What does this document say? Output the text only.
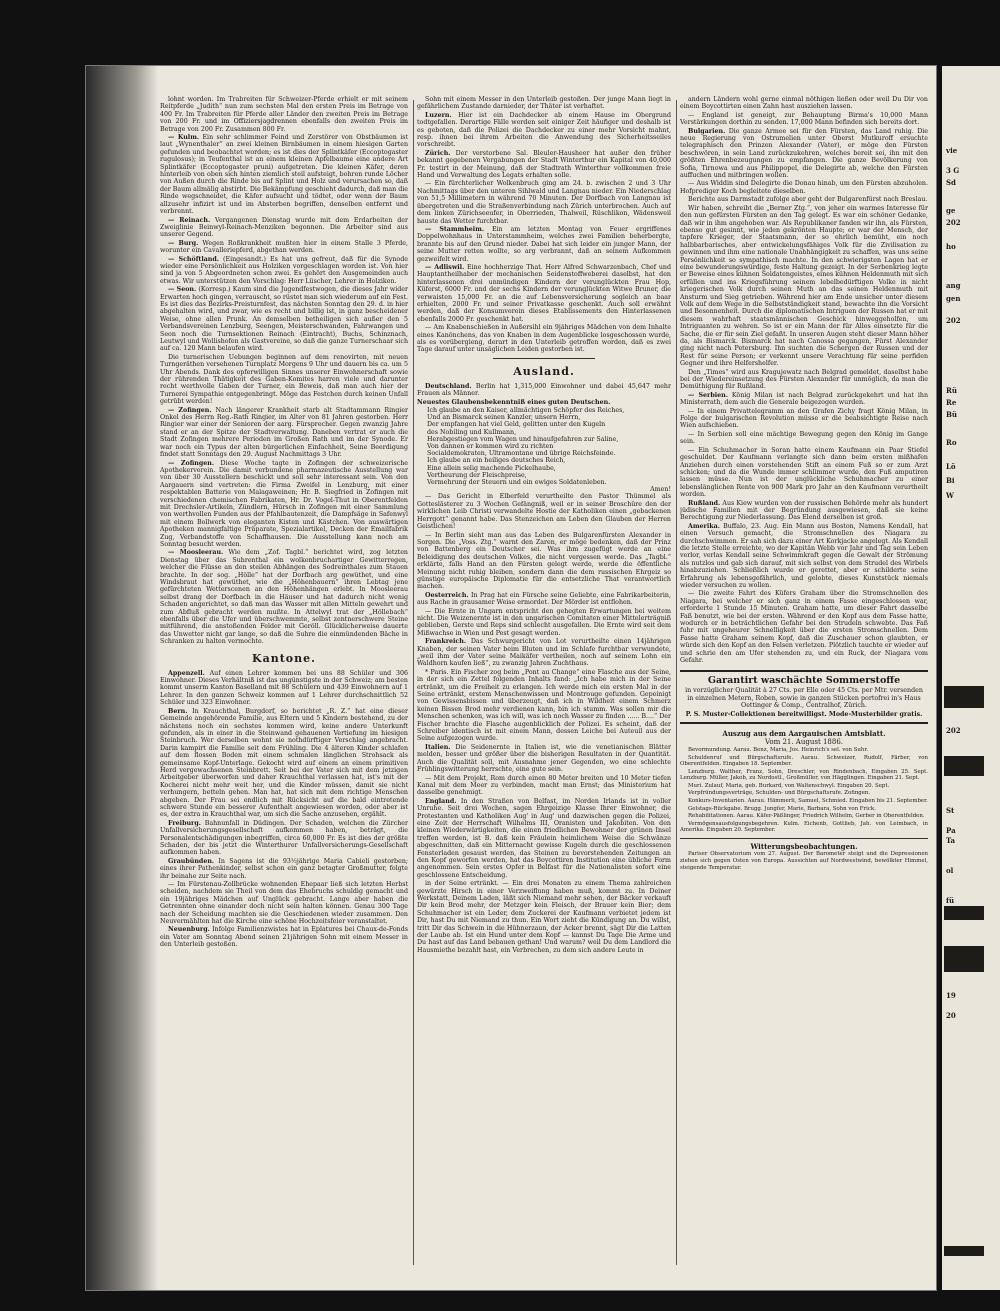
lohnt worden. Im Trabreiten für Schweizer-Pferde erhielt er mit seinem Reitpferde „Judith“ nun zum sechsten Mal den ersten Preis im Betrage von 400 Fr. Im Trabreiten für Pferde aller Länder den zweiten Preis im Betrage von 200 Fr. und im Offiziersjagdrennen ebenfalls den zweiten Preis im Betrage von 200 Fr. Zusammen 800 Fr.

— Kulm. Ein sehr schlimmer Feind und Zerstörer von Obstbäumen ist laut „Wynenthaler“ an zwei kleinen Birnbäumen in einem hiesigen Garten gefunden und beobachtet worden; es ist dies der Splintkäfer (Eccoptogaster rugulosus); in Teufenthal ist an einem kleinen Apfelbaume eine andere Art Splintkäfer (Eccoptogaster pruni) aufgetreten. Die kleinen Käfer, deren hinterleib von oben sich hinten ziemlich steil aufsteigt, bohren runde Löcher von Außen durch die Rinde bis auf Splint und Holz und verursachen so, daß der Baum allmälig abstirbt. Die Bekämpfung geschieht dadurch, daß man die Rinde wegschneidet, die Käfer aufsucht und tödtet, oder wenn der Baum allzusehr infizirt ist und im Absterben begriffen, denselben entfernt und verbrennt.

— Reinach. Vergangenen Dienstag wurde mit dem Erdarbeiten der Zweiglinie Beinwyl-Reinach-Menziken begonnen. Die Arbeiter sind aus unserer Gegend.

— Burg. Wegen Roßkrankheit mußten hier in einem Stalle 3 Pferde, worunter ein Cavalleriepferd, abgethan werden.

— Schöftland. (Eingesandt.) Es hat uns gefreut, daß für die Synode wieder eine Persönlichkeit aus Holziken vorgeschlagen worden ist. Von hier sind ja von 5 Abgeordneten schon zwei. Es gehört den Ausgemeinden auch etwas. Wir unterstützen den Vorschlag: Herr Lüscher, Lehrer in Holziken.

— Seon. (Korresp.) Kaum sind die Jugendfestwogen, die dieses Jahr wider Erwarten hoch gingen, verrauscht, so rüstet man sich wiederum auf ein Fest. Es ist dies das Bezirks-Preisturnfest, das nächsten Sonntag den 29. d. in hier abgehalten wird, und zwar, wie es recht und billig ist, in ganz bescheidener Weise, ohne allen Prunk. An demselben betheiligen sich außer den 5 Verbandsvereinen Lenzburg, Seengen, Meisterschwanden, Fahrwangen und Seon noch die Turnsektionen Reinach (Eintracht), Buchs, Schinznach, Leutwyl und Wollishofen als Gastvereine, so daß die ganze Turnerschaar sich auf ca. 120 Mann belaufen wird.

Die turnerischen Uebungen beginnen auf dem renovirten, mit neuen Turngeräthen versehenen Turnplatz Morgens 9 Uhr und dauern bis ca. um 5 Uhr Abends. Dank des opferwilligen Sinnes unserer Einwohnerschaft sowie der rührenden Thätigkeit des Gaben-Komites harren viele und darunter recht werthvolle Gaben der Turner, ein Beweis, daß man auch hier der Turnerei Sympathie entgegenbringt. Möge das Festchen durch keinen Unfall getrübt werden!

— Zofingen. Nach längerer Krankheit starb alt Stadtammann Ringier Onkel des Herrn Reg.-Rath Ringier, im Alter von 81 Jahren gestorben. Herr Ringier war einer der Senioren der aarg. Fürsprecher. Gegen zwanzig Jahre stand er an der Spitze der Stadtverwaltung. Daneben vertrat er auch die Stadt Zofingen mehrere Perioden im Großen Rath und im der Synode. Er war noch ein Typus der alten bürgerlichen Einfachheit, Seine Beerdigung findet statt Sonntags den 29. August Nachmittags 3 Uhr.

— Zofingen. Diese Woche tagte in Zofingen der schweizerische Apothekerverein. Die damit verbundene pharmazeutische Ausstellung war von über 30 Ausstellern beschickt und soll sehr interessant sein. Von den Aargauern sind vertreten: die Firma Zweifel in Lenzburg, mit einer respektablen Batterie von Malagaweinen; Hr. B. Siegfried in Zofingen mit verschiedenen chemischen Fabrikaten, Hr. Dr. Vogel-Thut in Oberentfelden mit Drechsler-Artikeln, Zündlern, Hürsch in Zofingen mit einer Sammlung von werthvollen Funden aus der Pfahlbautenzeit, die Dampfsäge in Safenwyl mit einem Bollwerk von eleganten Kisten und Kästchen. Von auswärtigen Apotheken mannigfaltige Präparate, Spezialartikel, Decken der Emailfabrik Zug, Verbandstoffe von Schaffhausen. Die Ausstellung kann noch am Sonntag besucht werden.

— Moosleerau. Wie dem „Zof. Tagbl.“ berichtet wird, zog letzten Dienstag über das Suhrenthal ein wolkenbruchartiger Gewitterregen, welcher die Flüsse an den steilen Abhängen des Sodreinthales zum Stauen brachte. In der sog. „Hölle“ hat der Dorfbach arg gewüthet, und eine Windsbraut hat gewüthet, wie die „Höhenbauern“ ihren Lebtag jene gefürchteten Wetterscenen an den Höhenhängen erlebt. In Moosleerau selbst drang der Dorfbach in die Häuser und hat dadurch nicht wenig Schaden angerichtet, so daß man das Wasser mit allen Mitteln gewehrt und zum Abfluß gebracht werden mußte. In Attelwyl trat der „Höllebach“ ebenfalls über die Ufer und überschwemmte, selbst zentnerschwere Steine mitführend, die anstoßenden Felder mit Geröll. Glücklicherweise dauerte das Unwetter nicht gar lange, so daß die Suhre die einmündenden Bäche in Schranken zu halten vermochte.

Kantone.

Appenzell. Auf einen Lehrer kommen bei uns 88 Schüler und 306 Einwohner. Dieses Verhältniß ist das ungünstigste in der Schweiz; am besten kommt unserm Kanton Baselland mit 88 Schülern und 439 Einwohnern auf 1 Lehrer. In den ganzen Schweiz kommen auf 1 Lehrer durchschnittlich 52 Schüler und 323 Einwohner.

Bern. In Krauchthal, Burgdorf, so berichtet „R. Z.“ hat eine dieser Gemeinde angehörende Familie, aus Eltern und 5 Kindern bestehend, zu der nächstens noch ein sechstes kommen wird, keine andere Unterkunft gefunden, als in einer in die Steinwand gehauenen Vertiefung im hiesigen Steinbruch. Wer derselben wohnt sie nothdürftiger Verschlag angebracht. Darin kampirt die Familie seit dem Frühling. Die 4 älteren Kinder schlafen auf dem flossen Boden mit einem schmalen länglichen Strohsack als gemeinsame Kopf-Unterlage. Gekocht wird auf einem an einem primitiven Herd vergewachsenen Steinbrett. Seit bei der Vater sich mit dem jetzigen Arbeitgeber überworfen und daher Krauchthal verlassen hat, ist's mit der Kocherei nicht mehr weit her, und die Kinder müssen, damit sie nicht verhungern, betteln gehen. Man hat, hat sich mit dem richtige Menschen abgeben. Der Frau sei endlich mit Rücksicht auf die bald eintretende schwere Stunde ein besserer Aufenthalt angewiesen worden, oder aber ist es, der extra in Krauchthal war, um sich die Sache anzusehen, ergählt.

Freiburg. Bahnunfall in Düdingen. Der Schaden, welchen die Zürcher Unfallversicherungsgesellschaft aufkommen haben, beträgt, die Personalentschädigungen inbegriffen, circa 60,000 Fr. Es ist dies der größte Schaden, der bis jetzt die Winterthurer Unfallversicherungs-Gesellschaft aufkommen haben.

Graubünden. In Sagens ist die 93½jährige Maria Cabieli gestorben; eines ihrer Pathenkinder, selbst schon ein ganz betagter Großmutter, folgte ihr beinahe zur Seite nach.

— Im Fürstenau-Zollbrücke wohnenden Ehepaar ließ sich letzten Herbst scheiden, nachdem sie Theil von dem das Ehebruchs schuldig gemacht und ein 19jähriges Mädchen auf Unglück gebracht. Lange aber haben die Getrennten ohne einander doch nicht sein halten können. Genau 300 Tage nach der Scheidung machten sie die Geschiedenen wieder zusammen. Den Neuvermählten hat die Kirche eine schöne Hochzeitsfeier veranstaltet.

Neuenburg. Infolge Familienzwistes hat in Eplatures bei Chaux-de-Fonds ein Vater am Sonntag Abend seinen 21jährigen Sohn mit einem Messer in den Unterleib gestoßen.

Sohn mit einem Messer in den Unterleib gestoßen. Der junge Mann liegt in gefährlichem Zustande darnieder, der Thäter ist verhaftet.

Luzern. Hier ist ein Dachdecker ab einem Hause im Obergrund todtgefallen. Derartige Fälle werden seit einiger Zeit häufiger und deshalb ist es geboten, daß die Polizei die Dachdecker zu einer mehr Vorsicht mahnt, resp. ihnen bei ihrem Arbeiten die Anwendung des Sicherheitsseiles vorschreibt.

Zürich. Der verstorbene Sal. Bleuler-Hausheer hat außer den früher bekannt gegebenen Vergabungen der Stadt Winterthur ein Kapital von 40,000 Fr. testirt in der Meinung, daß der Stadtrath Winterthur vollkommen freie Hand und Verwaltung des Legats erhalten solle.

— Ein fürchterlicher Wolkenbruch ging am 24. b. zwischen 2 und 3 Uhr Nachmittags über den unteren Sihlwald und Langnau nieder. Ein Niederschlag von 51,5 Millimetern in während 70 Minuten. Der Dorfbach von Langnau ist übergetreten und die Straßenverbindung nach Zürich unterbrochen. Auch auf dem linken Zürichseeufer, in Oberrieden, Thalweil, Rüschlikon, Wädensweil hauste das Wetter furchtbar.

— Stammheim. Ein am letzten Montag von Feuer ergriffenes Doppelwohnhaus in Unterstammheim, welches zwei Familien beherbergte, brannte bis auf den Grund nieder. Dabei hat sich leider ein junger Mann, der seine Mutter retten wollte, so arg verbrannt, daß an seinem Aufkommen gezweifelt wird.

— Adliswil. Eine hochherzige That. Herr Alfred Schwarzenbach, Chef und Hauptantheilhaber der mechanischen Seidenstoffweberei daselbst, hat den hinterlassenen drei unmündigen Kindern der verunglückten Frau Hop, Küferst, 6000 Fr. und der sechs Kindern der verunglückten Witwe Bruner, die verwaisten 15,000 Fr. an die auf Lebensversicherung sogleich an baar erhielten, 2000 Fr. und seiner Privatkasse geschenkt. Auch soll erwähnt werden, daß der Konsumverein dieses Etablissements den Hinterlassenen ebenfalls 2000 Fr. geschenkt hat.

— Am Knabenschießen in Außersihl ein 9jähriges Mädchen von dem Inhalte eines Kanönchens, das von Knaben in dem Augenblicke losgeschossen wurde, als es vorübergieng, derart in den Unterleib getroffen worden, daß es zwei Tage darauf unter unsäglichen Leiden gestorben ist.

Ausland.

Deutschland. Berlin hat 1,315,000 Einwohner und dabei 45,647 mehr Frauen als Männer.

Neuestes Glaubensbekenntniß eines guten Deutschen.

Ich glaube an den Kaiser, allmächtigen Schöpfer des Reiches,
Und an Bismarck seinen Kanzler, unsern Herrn,
Der empfangen hat viel Geld, gelitten unter den Kugeln
des Nobiling und Kullmann,
Herabgestiegen vom Wagen und hinaufgefahren zur Saline,
Von dannen er kommen wird zu richten
Socialdemokraten, Ultramontane und übrige Reichsfeinde.
Ich glaube an ein heiliges deutsches Reich,
Eine allein selig machende Pickelhaube,
Vertheurung der Fleischpreise,
Vermehrung der Steuern und ein ewiges Soldatenleben.
Amen!

— Das Gericht in Elberfeld verurtheilte den Pastor Thümmel als Gotteslästerer zu 3 Wochen Gefängniß, weil er in seiner Broschüre den der wirklichen Leib Christi verwandelte Hostie der Katholiken einen „gebackenen Herrgott“ genannt habe. Das Stenzeichen am Leben den Glauben der Herren Geistlichen!

— In Berlin sieht man aus das Leben des Bulgarenfürsten Alexander in Sorgen. Die „Voss. Ztg.“ warnt den Zaren, er möge bedenken, daß der Prinz von Battenberg ein Deutscher sei. Was ihm zugefügt werde an eine Beleidigung des deutschen Volkes, die nicht vergessen werde. Das „Tagbl.“ erklärte, falls Hand an den Fürsten gelegt werde, werde die öffentliche Meinung nicht ruhig bleiben, sondern dann die dem russischen Ehrgeiz so günstige europäische Diplomatie für die entsetzliche That verantwortlich machen.

Oesterreich. In Prag hat ein Fürsche seine Geliebte, eine Fabrikarbeiterin, aus Rache in grausamer Weise ermordet. Der Mörder ist entflohen.

— Die Ernte in Ungarn entspricht den gehegten Erwartungen bei weitem nicht. Die Weizenernte ist in den ungarischen Comitaten einer Mittelerträgniß geblieben, Gerste und Reps sind schlecht ausgefallen. Die Ernte wird seit dem Mißwachse in Wien und Pest gesagt werden.

Frankreich. Das Schwurgericht von Lot verurtheilte einen 14jährigen Knaben, der seinen Vater beim Bluten und im Schlafe furchtbar verwundete, „weil ihm der Vater seine Maikäfer vertheilen, noch auf seinem Lohn ein Waldhorn kaufen ließ“, zu zwanzig Jahren Zuchthaus.

* Paris. Ein Fischer zog beim „Pont au Change“ eine Flasche aus der Seine, in der sich ein Zettel folgenden Inhalts fand: „Ich habe mich in der Seine ertränkt, um die Freiheit zu erlangen. Ich werde mich ein ersten Mal in der Seine ertränkt, erstem Menschenwissen und Montrouge gefunden. Gepeinigt von Gewissensbissen und überzeugt, daß ich in Wildheit einem Schmerz keinen Bissen Brod mehr verdienen kann, bin ich stumm. Was sollen mir die Menschen schenken, was ich will, was ich noch Wasser zu finden ...... B....“ Der Fischer brachte die Flasche augenblicklich der Polizei. Es scheint, daß der Schreiber identisch ist mit einem Mann, dessen Leiche bei Auteuil aus der Seine aufgezogen wurde.

Italien. Die Seidenernte in Italien ist, wie die venetianischen Blätter melden, besser und größer über die bisherigen Resultaten in der Quantität. Auch die Qualität soll, mit Ausnahme jener Gegenden, wo eine schlechte Frühlingswitterung herrschte, eine gute sein.

— Mit dem Projekt, Rom durch einen 80 Meter breiten und 10 Meter tiefen Kanal mit dem Meer zu verbinden, macht man Ernst; das Ministerium hat dasselbe genehmigt.

England. In den Straßen von Belfast, im Norden Irlands ist in voller Unruhe. Seit drei Wochen, sagen Ehrgeizige Klasse Ihrer Einwohner, die Protestanten und Katholiken Aug' in Aug' und dazwischen gegen die Polizei, eine Zeit der Herrschaft Wilhelms III, Oranisten und Jakobiten. Von den kleinen Wiederwärtigkeiten, die einen friedlichen Bewohner der grünen Insel treffen werden, ist B. daß kein Fräulein heimlichem Weise die Schwänze abgeschnitten, daß ein Mitternacht gewisse Kugeln durch die geschlossenen Fensterladen gesaust werden, das Steinen zu bevorstehenden Zeitungen an den Kopf geworfen werden, hat das Boycottiren Institution eine übliche Form angenommen. Sein erstes Opfer in Belfast für die Nationalisten sofort eine geschlossene Entscheidung.

in der Seine ertränkt. — Ein drei Monaten zu einem Thema zahlreichen gewürzte Hirsch in einer Verzweiflung haben muß, kommt zu. In Deiner Werkstatt, Deinem Laden, läßt sich Niemand mehr sehen, der Bäcker verkauft Dir kein Brod mehr, der Metzger kein Fleisch, der Brauer kein Bier; dem Schuhmacher ist ein Leder, dem Zuckerei der Kaufmann verbietet jedem ist Dir, hast Du mit Niemand zu thun. Ein Wort zieht die Kündigung an. Du willst, tritt Dir das Schwein in die Hühnerzaun, der Acker brennt, sägt Dir die Latten der Laube ab. Ist ein Hund unter dem Kopf — kannst Du Tage Die Arme und Du hast auf das Land bebauen gethan! Und warum? weil Du dem Landlord die Hausmiethe bezahlt hast, ein Verbrechen, zu dem sich andere Leute in

andern Ländern wohl gerne einmal nöthigen ließen oder weil Du Dir von einem Boycottirten einen Zahn hast ausziehen lassen.

— England ist geneigt, zur Behauptung Birma's 10,000 Mann Verstärkungen dorthin zu senden. 17,000 Mann befinden sich bereits dort.

Bulgarien. Die ganze Armee sei für den Fürsten, das Land ruhig. Die neue Regierung von Ostrumelien unter Oberst Mutkuroff ersuchte telegraphisch den Prinzen Alexander (Vater), er möge den Fürsten beschwören, in sein Land zurückzukehren, welches bereit sei, ihn mit den größten Ehrenbezeugungen zu empfangen. Die ganze Bevölkerung von Sofia, Tirnowa und aus Philippopel, die Delegirte ab, welche den Fürsten auffuchen und mitbringen wollen.

— Aus Widdin sind Delegirte die Donau hinab, um den Fürsten abzuholen. Hofprediger Koch begleitete dieselben.

Berichte aus Darmstadt zufolge aber geht der Bulgarenfürst nach Breslau.

Wir haben, schreibt die „Berner Ztg.“, von jeher ein warmes Interesse für den nun gefürsten Fürsten an den Tag gelegt. Es war ein schöner Gedanke, daß wir in ihm angehoben war. Als Republikaner fanden wir ihn, als Fürsten, ebenso gut gesinnt, wie jeden gekrönten Haupte; er war der Mensch, der tapfere Krieger, der Staatsmann, der so ehrlich bemüht, ein noch halbbarbarisches, aber entwickelungsfähiges Volk für die Zivilisation zu gewinnen und ihm eine nationale Unabhängigkeit zu schaffen, was uns seine Persönlichkeit so sympathisch machte. In den schwierigsten Lagen hat er eine bewunderungswürdige, feste Haltung gezeigt. In der Serbenkrieg legte er Beweise eines kühnen Soldatengeistes, eines kühnen Heldenmuth mit sich erfüllen und ins Kriegsführung seinem lebelbedürftigen Volke in nicht kriegerischen Volk durch seinen Muth an das seinen Heldenmuth mit Ansturm und Sieg getrieben. Während hier am Ende unsicher unter diesem Volk auf dem Wege in die Selbstständigkeit stand, bewachte ihn die Vorsicht und Besonnenheit. Durch die diplomatischen Intriguen der Russen hat er mit diesem wahrhaft staatsmännischen Geschick hinweggeholfen, um Intriguanten zu wehren. So ist er ein Mann der für Alles einsetzte für die Sache, die er für sein Ziel gefaßt. In unseren Augen steht dieser Mann höher da, als Bismarck. Bismarck hat nach Canossa gegangen, Fürst Alexander ging nicht nach Petersburg. Ihn suchten die Schergen der Russen und der Rest für seine Person; er verkennt unsere Verachtung für seine perfiden Gegner und ihre Helfershelfer.

Den „Times“ wird aus Kragujewatz nach Belgrad gemeldet, daselbst habe bei der Wiedereinsetzung des Fürsten Alexander für unmöglich, da man die Demüthigung für Rußland.

— Serbien. König Milan ist nach Belgrad zurückgekehrt und hat ihn Ministerrath, dem auch die Generale beigezogen wurden.

— In einem Privattelegramm an den Grafen Zichy fragt König Milan, in Folge der bulgarischen Revolution müsse er die beabsichtigte Reise nach Wien aufschieben.

— In Serbien soll eine mächtige Bewegung gegen den König im Gange sein.

— Ein Schuhmacher in Soran hatte einem Kaufmann ein Paar Stiefel geschuldet. Der Kaufmann verlangte sich dann beim ersten mißhafen Anziehen durch einen vorstehenden Stift an einem Fuß so er zum Arzt schicken; und da die Wunde immer schlimmer wurde, den Fuß amputiren lassen müsse. Nun ist der unglückliche Schuhmacher zu einer lebenslänglichen Rente von 900 Mark pro Jahr an den Kaufmann verurtheilt worden.

Rußland. Aus Kiew wurden von der russischen Behörde mehr als hundert jüdische Familien mit der Begründung ausgewiesen, daß sie keine Berechtigung zur Niederlassung. Das Elend derselben ist groß.

Amerika. Buffalo, 23. Aug. Ein Mann aus Boston, Namens Kendall, hat einen Versuch gemacht, die Stromschnellen des Niagara zu durchschwimmen. Er sah sich dazu einer Art Korkjacke angelegt. Als Kendall die letzte Stelle erreichte, wo der Kapitän Webb vor Jahr und Tag sein Leben verlor, verlas Kendall seine Schwimmkraft gegen die Gewalt der Strömung als nutzlos und gab sich darauf, mit sich selbst von dem Strudel des Wirbels hinabzuziehen. Schließlich wurde er gerettet, aber er schilderte seine Erfahrung als lebensgefährlich, und gelobte, dieses Kunststück niemals wieder versuchen zu wollen.

— Die zweite Fahrt des Küfers Graham über die Stromschnellen des Niagara, bei welcher er sich ganz in einem Fasse eingeschlossen war, erforderte 1 Stunde 15 Minuten. Graham hatte, um dieser Fahrt dasselbe Faß benutzt, wie bei der ersten. Während er den Kopf aus dem Fasse hatte, wodurch er in beträchtlichen Gefahr bei den Strudeln schwebte. Das Faß fuhr mit ungeheurer Schnelligkeit über die ersten Stromschnellen. Dem Fasse hatte Graham seinem Kopf, daß die Zuschauer schon glaubten, er würde sich den Kopf an den Felsen verletzen. Plötzlich tauchte er wieder auf und schrie den am Ufer stehenden zu, und ein Ruck, der Niagara vom Gefahr.

Garantirt waschächte Sommerstoffe

in vorzüglicher Qualität à 27 Cts. per Elle oder 45 Cts. per Mtr. versenden in einzelnen Metern, Roben, sowie in ganzen Stücken portofrei in's Haus Oettinger & Comp., Centralhof, Zürich.

P. S. Muster-Collektionen bereitwilligst. Mode-Musterbilder gratis.

Auszug aus dem Aargauischen Amtsblatt.

Vom 21. August 1886.

Bevormundung. Aarau. Benz, Maria, Jos. Heinrich's sel. von Suhr.

Schuldenruf und Bürgschaftsrufe. Aarau. Schweizer, Rudolf, Färber, von Oberentfelden. Eingaben 18. September.

Lenzburg. Walther, Franz, Sohn, Dreschler, von Rindenbach, Eingaben 25. Sept. Lenzburg. Müller, Jakob, zu Nordostl., Großmüller, von Hägglingen. Eingaben 21. Sept.

Muri. Zulauf, Maria, geb. Burkard, von Waltenschwyl. Eingaben 20. Sept.

Verpfründungsverträge, Schulden- und Bürgschaftsrufe. Zofingen.

Konkurs-Inventarien. Aarau. Hämmerli, Samuel, Schmied. Eingaben bis 21. September.

Gelstags-Rückgabe. Brugg. Jungfer, Marie, Barbara, Sohn von Frick.

Rehabilitationen. Aarau. Käfer-Päßlinger, Friedrich Wilhelm, Gerber in Oberentfelden.

Vermögensausfolgungsbegehren. Kulm. Eichenb, Gottlieb, Jah. von Leimbach, in Amerika. Eingaben 20. September.

Witterungsbeobachtungen.

Pariser Observatorium vom 27. August. Der Barometer steigt und die Depressionen ziehen sich gegen Osten von Europa. Aussichten auf Nordwestwind, bewölkter Himmel, steigende Temperatur.

vie
3 G
Sd
ge
202
ho
ang
gen
202
Rü
Re
Bü
Ro
Lö
Bi
W
202
St
Pa
Ta
ol
fü
19
20
